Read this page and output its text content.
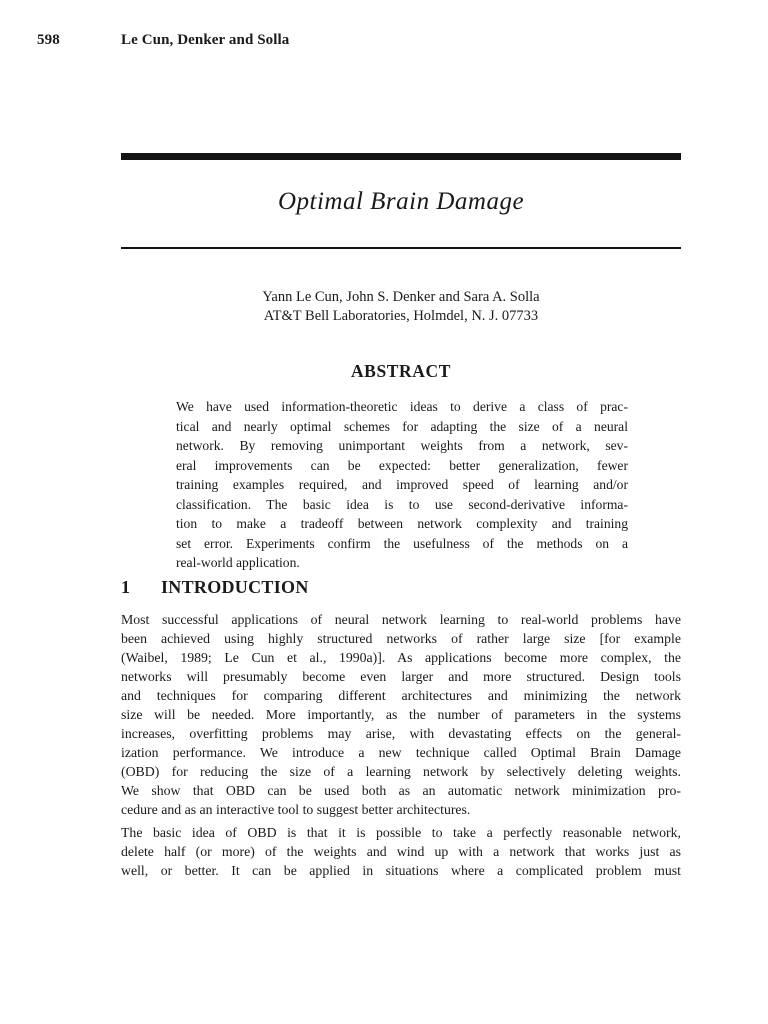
598	Le Cun, Denker and Solla
Optimal Brain Damage
Yann Le Cun, John S. Denker and Sara A. Solla
AT&T Bell Laboratories, Holmdel, N. J. 07733
ABSTRACT
We have used information-theoretic ideas to derive a class of prac-
tical and nearly optimal schemes for adapting the size of a neural
network. By removing unimportant weights from a network, sev-
eral improvements can be expected: better generalization, fewer
training examples required, and improved speed of learning and/or
classification. The basic idea is to use second-derivative informa-
tion to make a tradeoff between network complexity and training
set error. Experiments confirm the usefulness of the methods on a
real-world application.
1 INTRODUCTION
Most successful applications of neural network learning to real-world problems have
been achieved using highly structured networks of rather large size [for example
(Waibel, 1989; Le Cun et al., 1990a)]. As applications become more complex, the
networks will presumably become even larger and more structured. Design tools
and techniques for comparing different architectures and minimizing the network
size will be needed. More importantly, as the number of parameters in the systems
increases, overfitting problems may arise, with devastating effects on the general-
ization performance. We introduce a new technique called Optimal Brain Damage
(OBD) for reducing the size of a learning network by selectively deleting weights.
We show that OBD can be used both as an automatic network minimization pro-
cedure and as an interactive tool to suggest better architectures.
The basic idea of OBD is that it is possible to take a perfectly reasonable network,
delete half (or more) of the weights and wind up with a network that works just as
well, or better. It can be applied in situations where a complicated problem must
